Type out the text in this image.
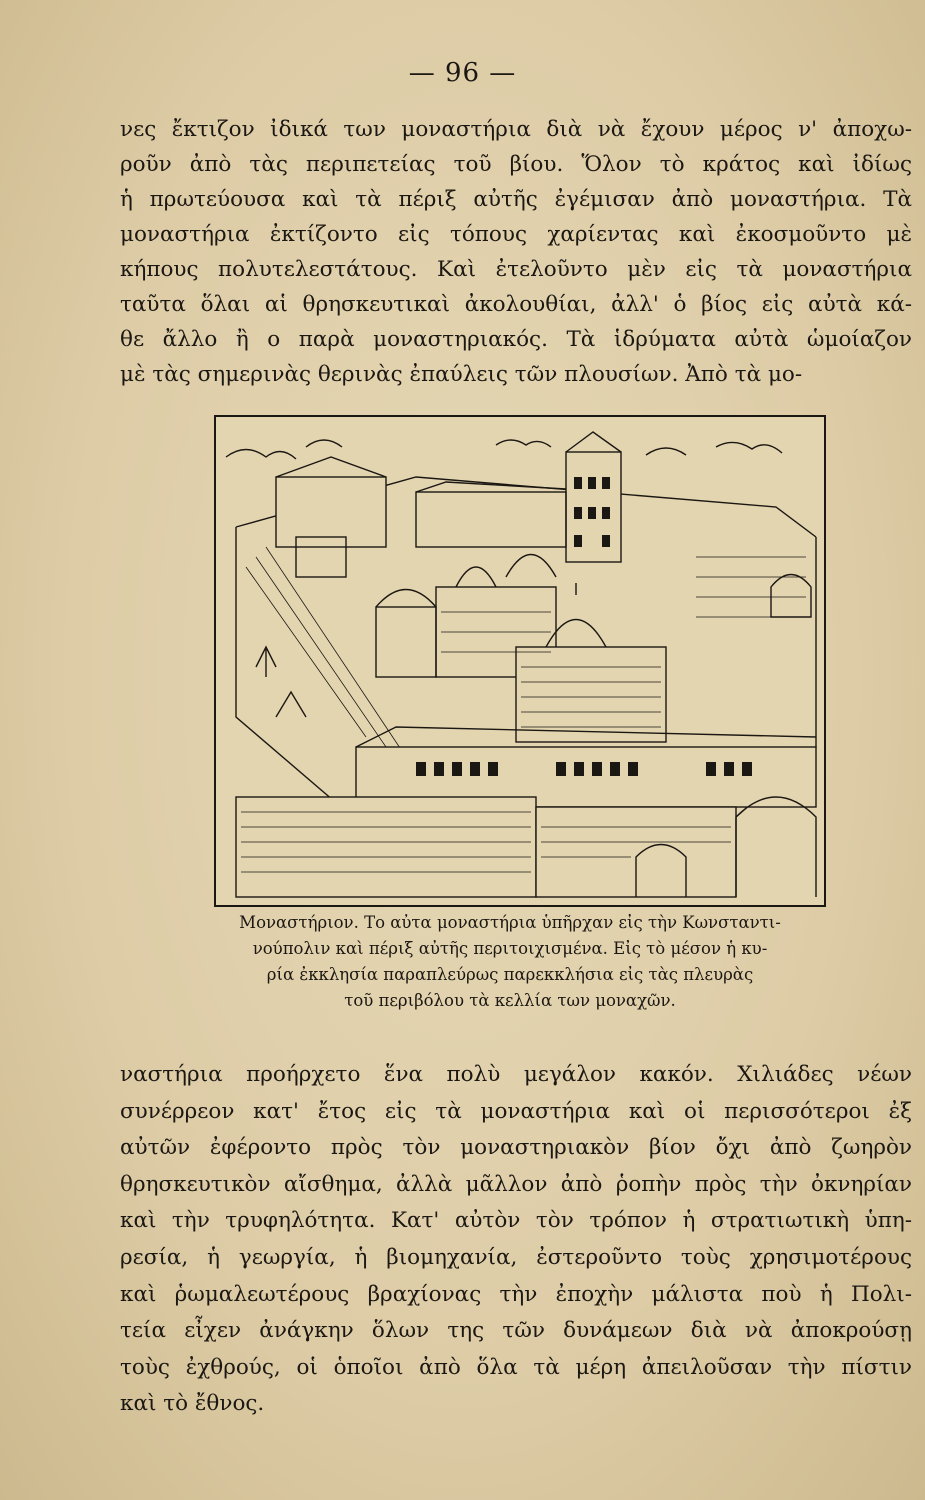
— 96 —
νες ἔκτιζον ἰδικά των μοναστήρια διὰ νὰ ἔχουν μέρος ν' ἀποχω-
ροῦν ἀπὸ τὰς περιπετείας τοῦ βίου. Ὅλον τὸ κράτος καὶ ἰδίως
ἡ πρωτεύουσα καὶ τὰ πέριξ αὐτῆς ἐγέμισαν ἀπὸ μοναστήρια. Τὰ
μοναστήρια ἐκτίζοντο εἰς τόπους χαρίεντας καὶ ἐκοσμοῦντο μὲ
κήπους πολυτελεστάτους. Καὶ ἐτελοῦντο μὲν εἰς τὰ μοναστήρια
ταῦτα ὅλαι αἱ θρησκευτικαὶ ἀκολουθίαι, ἀλλ' ὁ βίος εἰς αὐτὰ κά-
θε ἄλλο ἢ ο παρὰ μοναστηριακός. Τὰ ἱδρύματα αὐτὰ ὡμοίαζον
μὲ τὰς σημερινὰς θερινὰς ἐπαύλεις τῶν πλουσίων. Ἀπὸ τὰ μο-
Μοναστήριον. Το αὐτα μοναστήρια ὑπῆρχαν εἰς τὴν Κωνσταντι-
νούπολιν καὶ πέριξ αὐτῆς περιτοιχισμένα. Εἰς τὸ μέσον ἡ κυ-
ρία ἐκκλησία παραπλεύρως παρεκκλήσια εἰς τὰς πλευρὰς
τοῦ περιβόλου τὰ κελλία των μοναχῶν.
ναστήρια προήρχετο ἕνα πολὺ μεγάλον κακόν. Χιλιάδες νέων
συνέρρεον κατ' ἔτος εἰς τὰ μοναστήρια καὶ οἱ περισσότεροι ἐξ
αὐτῶν ἐφέροντο πρὸς τὸν μοναστηριακὸν βίον ὄχι ἀπὸ ζωηρὸν
θρησκευτικὸν αἴσθημα, ἀλλὰ μᾶλλον ἀπὸ ῥοπὴν πρὸς τὴν ὀκνηρίαν
καὶ τὴν τρυφηλότητα. Κατ' αὐτὸν τὸν τρόπον ἡ στρατιωτικὴ ὑπη-
ρεσία, ἡ γεωργία, ἡ βιομηχανία, ἐστεροῦντο τοὺς χρησιμοτέρους
καὶ ῥωμαλεωτέρους βραχίονας τὴν ἐποχὴν μάλιστα ποὺ ἡ Πολι-
τεία εἶχεν ἀνάγκην ὅλων της τῶν δυνάμεων διὰ νὰ ἀποκρούσῃ
τοὺς ἐχθρούς, οἱ ὁποῖοι ἀπὸ ὅλα τὰ μέρη ἀπειλοῦσαν τὴν πίστιν
καὶ τὸ ἔθνος.
